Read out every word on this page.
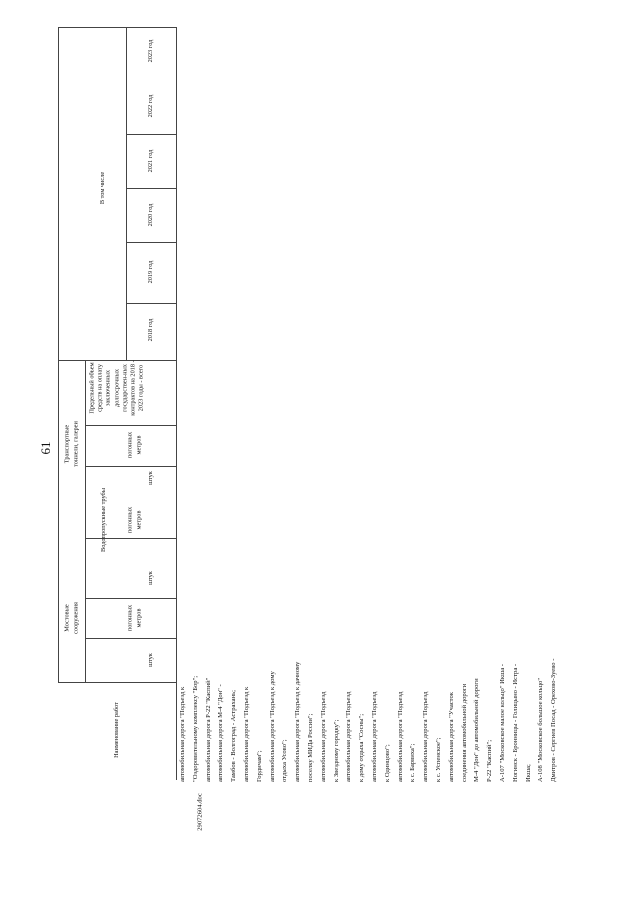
61
Наименование работ
Мостовые сооружения
Водопропускные трубы
Транспортные тоннели, галереи
Предельный объем средств на оплату заключенных долгосрочных государствен-ных контрактов на 2018 - 2023 годы - всего
В том числе
штук
погонных метров
штук
погонных метров
штук
погонных метров
2018 год
2019 год
2020 год
2021 год
2022 год
2023 год
автомобильная дорога "Подъезд к "Оздоровительному комплексу "Бор"; автомобильная дорога Р-22 "Каспий" автомобильная дорога М-4 "Дон" - Тамбов - Волгоград - Астрахань; автомобильная дорога "Подъезд к Гордичам"; автомобильная дорога "Подъезд к дому отдыха Усово"; автомобильная дорога "Подъезд к дачному поселку МИДа России"; автомобильная дорога "Подъезд к Звездному городку"; автомобильная дорога "Подъезд к дому отдыха "Сосны"; автомобильная дорога "Подъезд к Одинцово"; автомобильная дорога "Подъезд к с. Барвиха"; автомобильная дорога "Подъезд к с. Успенское"; автомобильная дорога "Участок соединения автомобильной дороги М-4 "Дон" до автомобильной дороги Р-22 "Каспий"; А-107 "Московское малое кольцо" Икша - Ногинск - Бронницы - Голицыно - Истра - Икша; А-108 "Московское большое кольцо" Дмитров - Сергиев Посад - Орехово-Зуево -
29072604.doc
